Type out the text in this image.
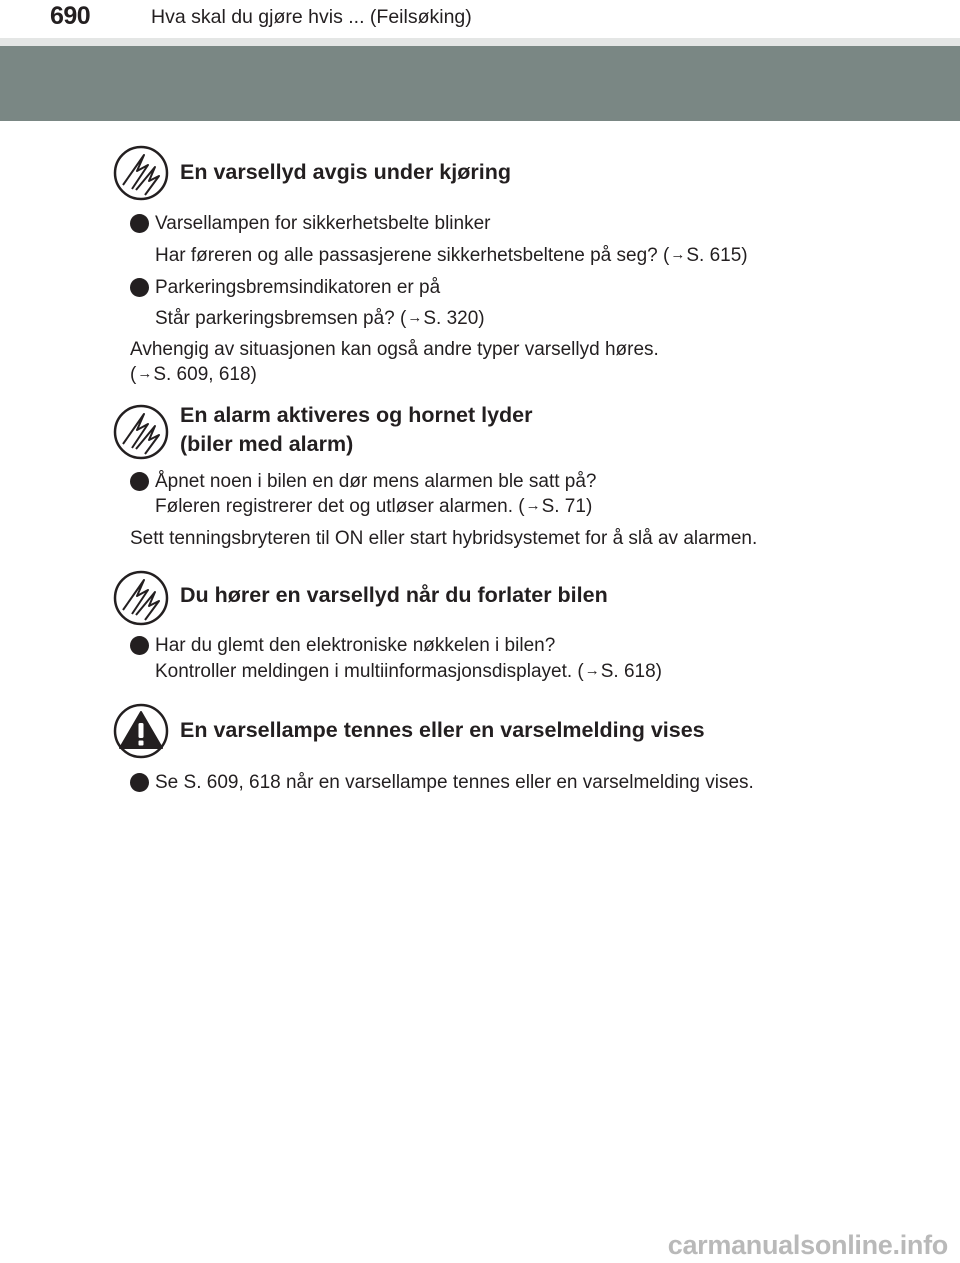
690	Hva skal du gjøre hvis ... (Feilsøking)
En varsellyd avgis under kjøring
Varsellampen for sikkerhetsbelte blinker
Har føreren og alle passasjerene sikkerhetsbeltene på seg? (→S. 615)
Parkeringsbremsindikatoren er på
Står parkeringsbremsen på? (→S. 320)
Avhengig av situasjonen kan også andre typer varsellyd høres.
(→S. 609, 618)
En alarm aktiveres og hornet lyder
(biler med alarm)
Åpnet noen i bilen en dør mens alarmen ble satt på?
Føleren registrerer det og utløser alarmen. (→S. 71)
Sett tenningsbryteren til ON eller start hybridsystemet for å slå av alarmen.
Du hører en varsellyd når du forlater bilen
Har du glemt den elektroniske nøkkelen i bilen?
Kontroller meldingen i multiinformasjonsdisplayet. (→S. 618)
En varsellampe tennes eller en varselmelding vises
Se S. 609, 618 når en varsellampe tennes eller en varselmelding vises.
carmanualsonline.info
